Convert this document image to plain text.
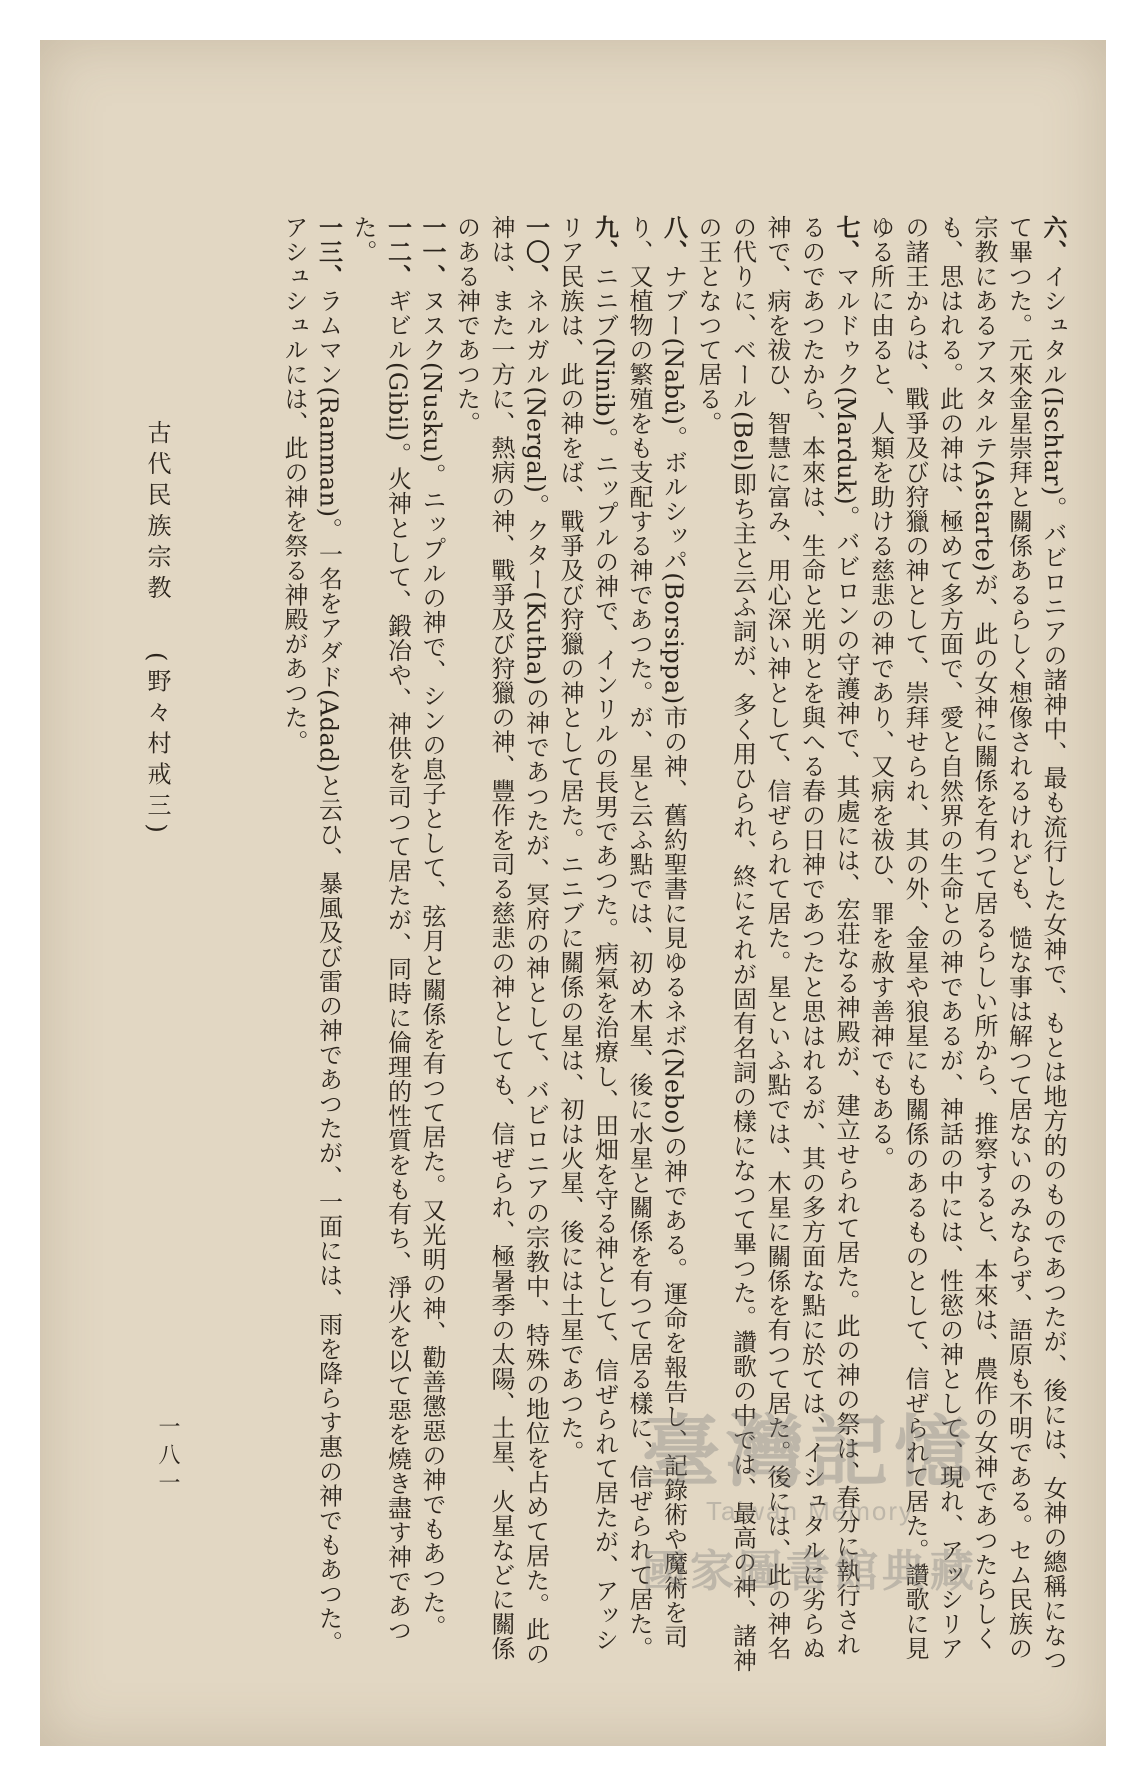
六、イシュタル(Ischtar)。バビロニアの諸神中、最も流行した女神で、もとは地方的のものであつたが、後には、女神の總稱になつて畢つた。元來金星崇拜と關係あるらしく想像されるけれども、慥な事は解つて居ないのみならず、語原も不明である。セム民族の宗教にあるアスタルテ(Astarte)が、此の女神に關係を有つて居るらしい所から、推察すると、本來は、農作の女神であつたらしくも、思はれる。此の神は、極めて多方面で、愛と自然界の生命との神であるが、神話の中には、性慾の神として、現れ、アッシリアの諸王からは、戰爭及び狩獵の神として、崇拜せられ、其の外、金星や狼星にも關係のあるものとして、信ぜられて居た。讚歌に見ゆる所に由ると、人類を助ける慈悲の神であり、又病を祓ひ、罪を赦す善神でもある。

七、マルドゥク(Marduk)。バビロンの守護神で、其處には、宏荘なる神殿が、建立せられて居た。此の神の祭は、春分に執行されるのであつたから、本來は、生命と光明とを與へる春の日神であつたと思はれるが、其の多方面な點に於ては、イシュタルに劣らぬ神で、病を祓ひ、智慧に富み、用心深い神として、信ぜられて居た。星といふ點では、木星に關係を有つて居た。後には、此の神名の代りに、ベール(Bel)即ち主と云ふ詞が、多く用ひられ、終にそれが固有名詞の樣になつて畢つた。讚歌の中では、最高の神、諸神の王となつて居る。

八、ナブー(Nabû)。ボルシッパ(Borsippa)市の神、舊約聖書に見ゆるネボ(Nebo)の神である。運命を報告し、記錄術や魔術を司り、又植物の繁殖をも支配する神であつた。が、星と云ふ點では、初め木星、後に水星と關係を有つて居る樣に、信ぜられて居た。

九、ニニブ(Ninib)。ニップルの神で、インリルの長男であつた。病氣を治療し、田畑を守る神として、信ぜられて居たが、アッシリア民族は、此の神をば、戰爭及び狩獵の神として居た。ニニブに關係の星は、初は火星、後には土星であつた。

一〇、ネルガル(Nergal)。クター(Kutha)の神であつたが、冥府の神として、バビロニアの宗教中、特殊の地位を占めて居た。此の神は、また一方に、熱病の神、戰爭及び狩獵の神、豐作を司る慈悲の神としても、信ぜられ、極暑季の太陽、土星、火星などに關係のある神であつた。

一一、ヌスク(Nusku)。ニップルの神で、シンの息子として、弦月と關係を有つて居た。又光明の神、勸善懲惡の神でもあつた。

一二、ギビル(Gibil)。火神として、鍛冶や、神供を司つて居たが、同時に倫理的性質をも有ち、淨火を以て惡を燒き盡す神であつた。

一三、ラムマン(Ramman)。一名をアダド(Adad)と云ひ、暴風及び雷の神であつたが、一面には、雨を降らす惠の神でもあつた。アシュシュルには、此の神を祭る神殿があつた。

古代民族宗教
(野々村戒三)
一八一	臺灣記憶
Taiwan Memory
國家圖書館典藏
